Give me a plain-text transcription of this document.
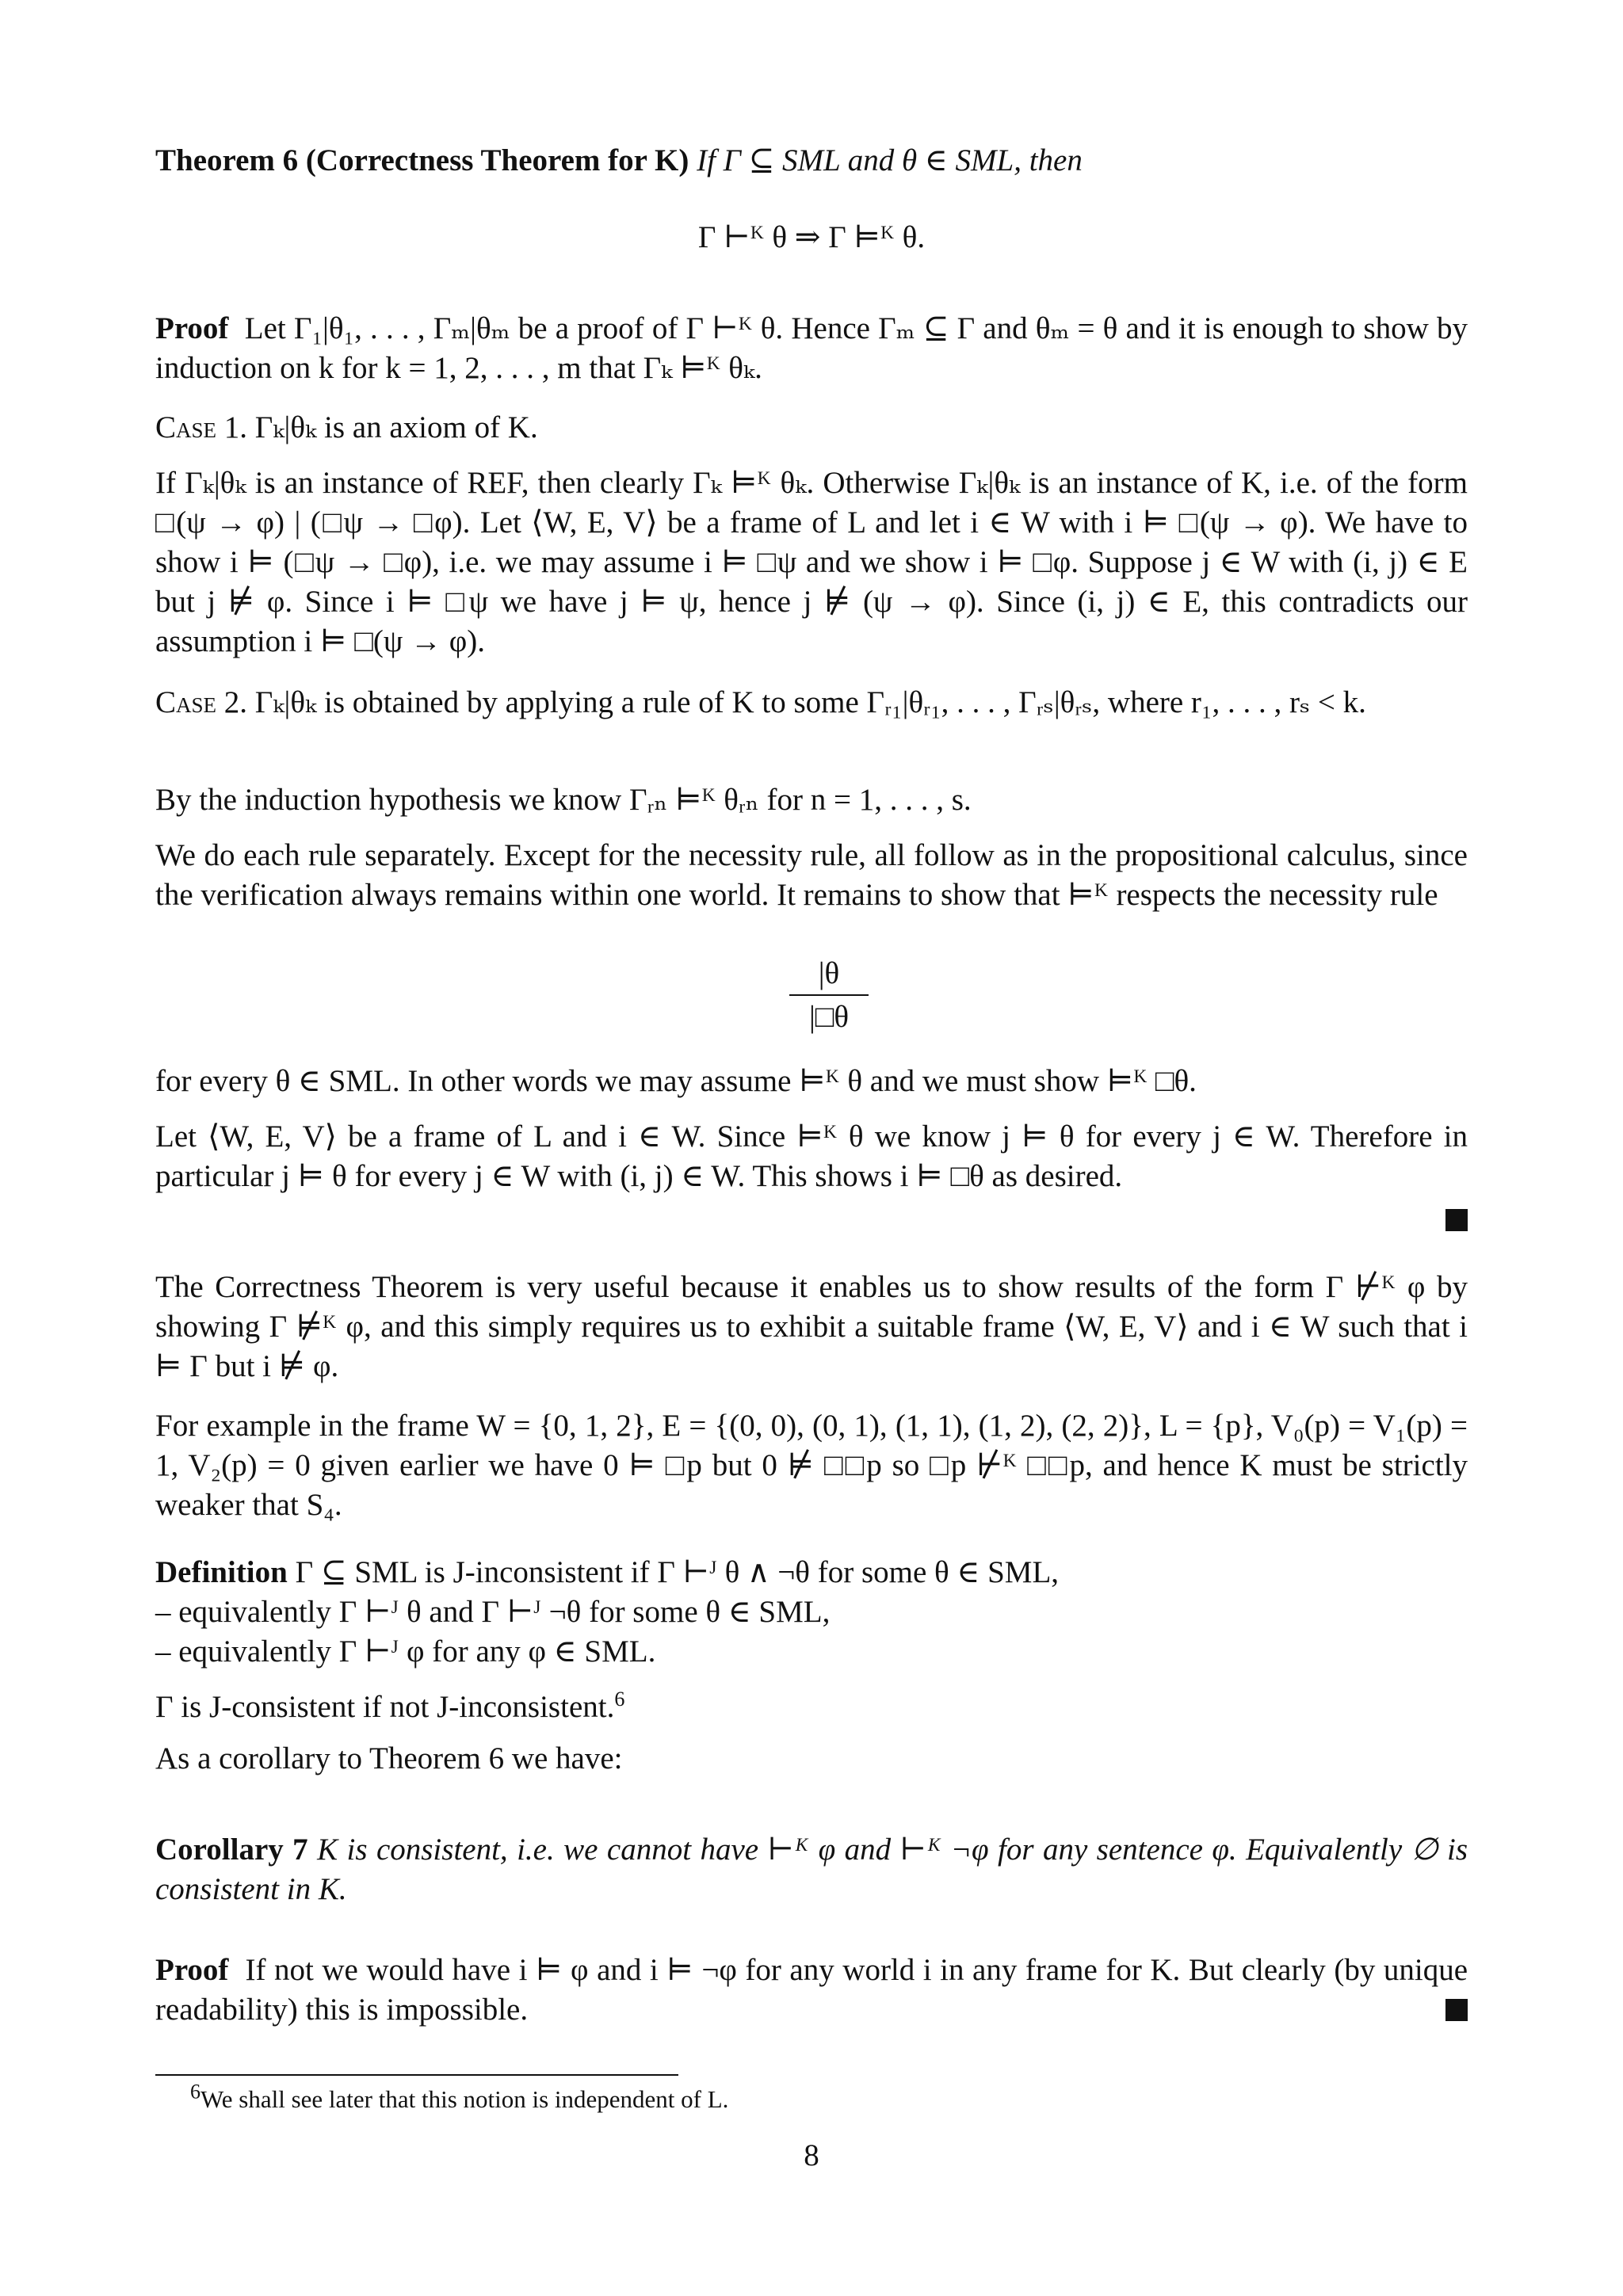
Theorem 6 (Correctness Theorem for K) If Γ ⊆ SML and θ ∈ SML, then

Γ ⊢ᴷ θ ⇒ Γ ⊨ᴷ θ.

Proof Let Γ₁|θ₁, . . . , Γₘ|θₘ be a proof of Γ ⊢ᴷ θ. Hence Γₘ ⊆ Γ and θₘ = θ and it is enough to show by induction on k for k = 1, 2, . . . , m that Γₖ ⊨ᴷ θₖ.

Case 1. Γₖ|θₖ is an axiom of K.

If Γₖ|θₖ is an instance of REF, then clearly Γₖ ⊨ᴷ θₖ. Otherwise Γₖ|θₖ is an instance of K, i.e. of the form □(ψ → φ) | (□ψ → □φ). Let ⟨W, E, V⟩ be a frame of L and let i ∈ W with i ⊨ □(ψ → φ). We have to show i ⊨ (□ψ → □φ), i.e. we may assume i ⊨ □ψ and we show i ⊨ □φ. Suppose j ∈ W with (i, j) ∈ E but j ⊭ φ. Since i ⊨ □ψ we have j ⊨ ψ, hence j ⊭ (ψ → φ). Since (i, j) ∈ E, this contradicts our assumption i ⊨ □(ψ → φ).

Case 2. Γₖ|θₖ is obtained by applying a rule of K to some Γᵣ₁|θᵣ₁, . . . , Γᵣₛ|θᵣₛ, where r₁, . . . , rₛ < k.

By the induction hypothesis we know Γᵣₙ ⊨ᴷ θᵣₙ for n = 1, . . . , s.

We do each rule separately. Except for the necessity rule, all follow as in the propositional calculus, since the verification always remains within one world. It remains to show that ⊨ᴷ respects the necessity rule

|θ
|□θ

for every θ ∈ SML. In other words we may assume ⊨ᴷ θ and we must show ⊨ᴷ □θ.

Let ⟨W, E, V⟩ be a frame of L and i ∈ W. Since ⊨ᴷ θ we know j ⊨ θ for every j ∈ W. Therefore in particular j ⊨ θ for every j ∈ W with (i, j) ∈ W. This shows i ⊨ □θ as desired.

The Correctness Theorem is very useful because it enables us to show results of the form Γ ⊬ᴷ φ by showing Γ ⊭ᴷ φ, and this simply requires us to exhibit a suitable frame ⟨W, E, V⟩ and i ∈ W such that i ⊨ Γ but i ⊭ φ.

For example in the frame W = {0, 1, 2}, E = {(0, 0), (0, 1), (1, 1), (1, 2), (2, 2)}, L = {p}, V₀(p) = V₁(p) = 1, V₂(p) = 0 given earlier we have 0 ⊨ □p but 0 ⊭ □□p so □p ⊬ᴷ □□p, and hence K must be strictly weaker that S₄.

Definition Γ ⊆ SML is J-inconsistent if Γ ⊢ᴶ θ ∧ ¬θ for some θ ∈ SML,

– equivalently Γ ⊢ᴶ θ and Γ ⊢ᴶ ¬θ for some θ ∈ SML,

– equivalently Γ ⊢ᴶ φ for any φ ∈ SML.

Γ is J-consistent if not J-inconsistent.$^6$

As a corollary to Theorem 6 we have:

Corollary 7 K is consistent, i.e. we cannot have ⊢ᴷ φ and ⊢ᴷ ¬φ for any sentence φ. Equivalently ∅ is consistent in K.

Proof If not we would have i ⊨ φ and i ⊨ ¬φ for any world i in any frame for K. But clearly (by unique readability) this is impossible.

$^6$We shall see later that this notion is independent of L.
8
